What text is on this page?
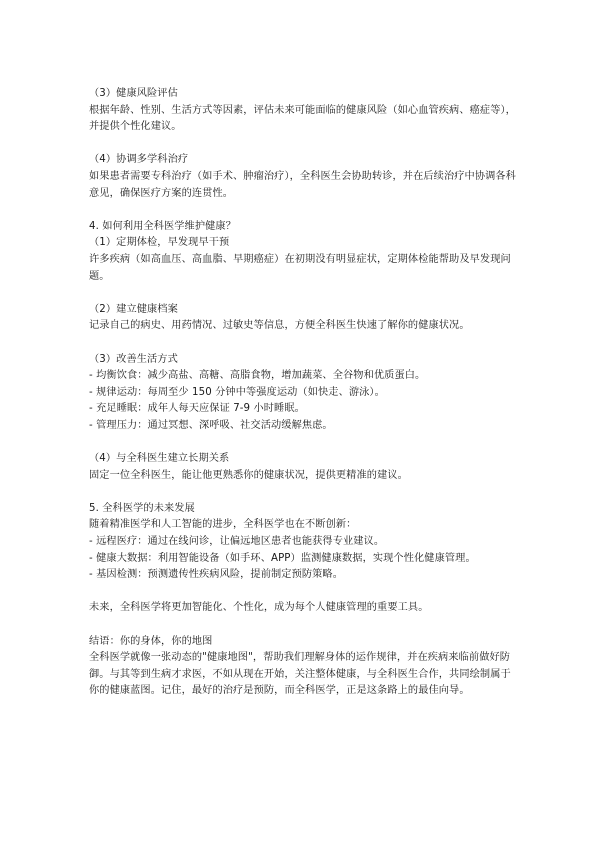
（3）健康风险评估
根据年龄、性别、生活方式等因素，评估未来可能面临的健康风险（如心血管疾病、癌症等），并提供个性化建议。

（4）协调多学科治疗
如果患者需要专科治疗（如手术、肿瘤治疗），全科医生会协助转诊，并在后续治疗中协调各科意见，确保医疗方案的连贯性。

4. 如何利用全科医学维护健康？
（1）定期体检，早发现早干预
许多疾病（如高血压、高血脂、早期癌症）在初期没有明显症状，定期体检能帮助及早发现问题。

（2）建立健康档案
记录自己的病史、用药情况、过敏史等信息，方便全科医生快速了解你的健康状况。

（3）改善生活方式
- 均衡饮食：减少高盐、高糖、高脂食物，增加蔬菜、全谷物和优质蛋白。
- 规律运动：每周至少 150 分钟中等强度运动（如快走、游泳）。
- 充足睡眠：成年人每天应保证 7-9 小时睡眠。
- 管理压力：通过冥想、深呼吸、社交活动缓解焦虑。

（4）与全科医生建立长期关系
固定一位全科医生，能让他更熟悉你的健康状况，提供更精准的建议。

5. 全科医学的未来发展
随着精准医学和人工智能的进步，全科医学也在不断创新：
- 远程医疗：通过在线问诊，让偏远地区患者也能获得专业建议。
- 健康大数据：利用智能设备（如手环、APP）监测健康数据，实现个性化健康管理。
- 基因检测：预测遗传性疾病风险，提前制定预防策略。

未来，全科医学将更加智能化、个性化，成为每个人健康管理的重要工具。

结语：你的身体，你的地图
全科医学就像一张动态的"健康地图"，帮助我们理解身体的运作规律，并在疾病来临前做好防御。与其等到生病才求医，不如从现在开始，关注整体健康，与全科医生合作，共同绘制属于你的健康蓝图。记住，最好的治疗是预防，而全科医学，正是这条路上的最佳向导。
